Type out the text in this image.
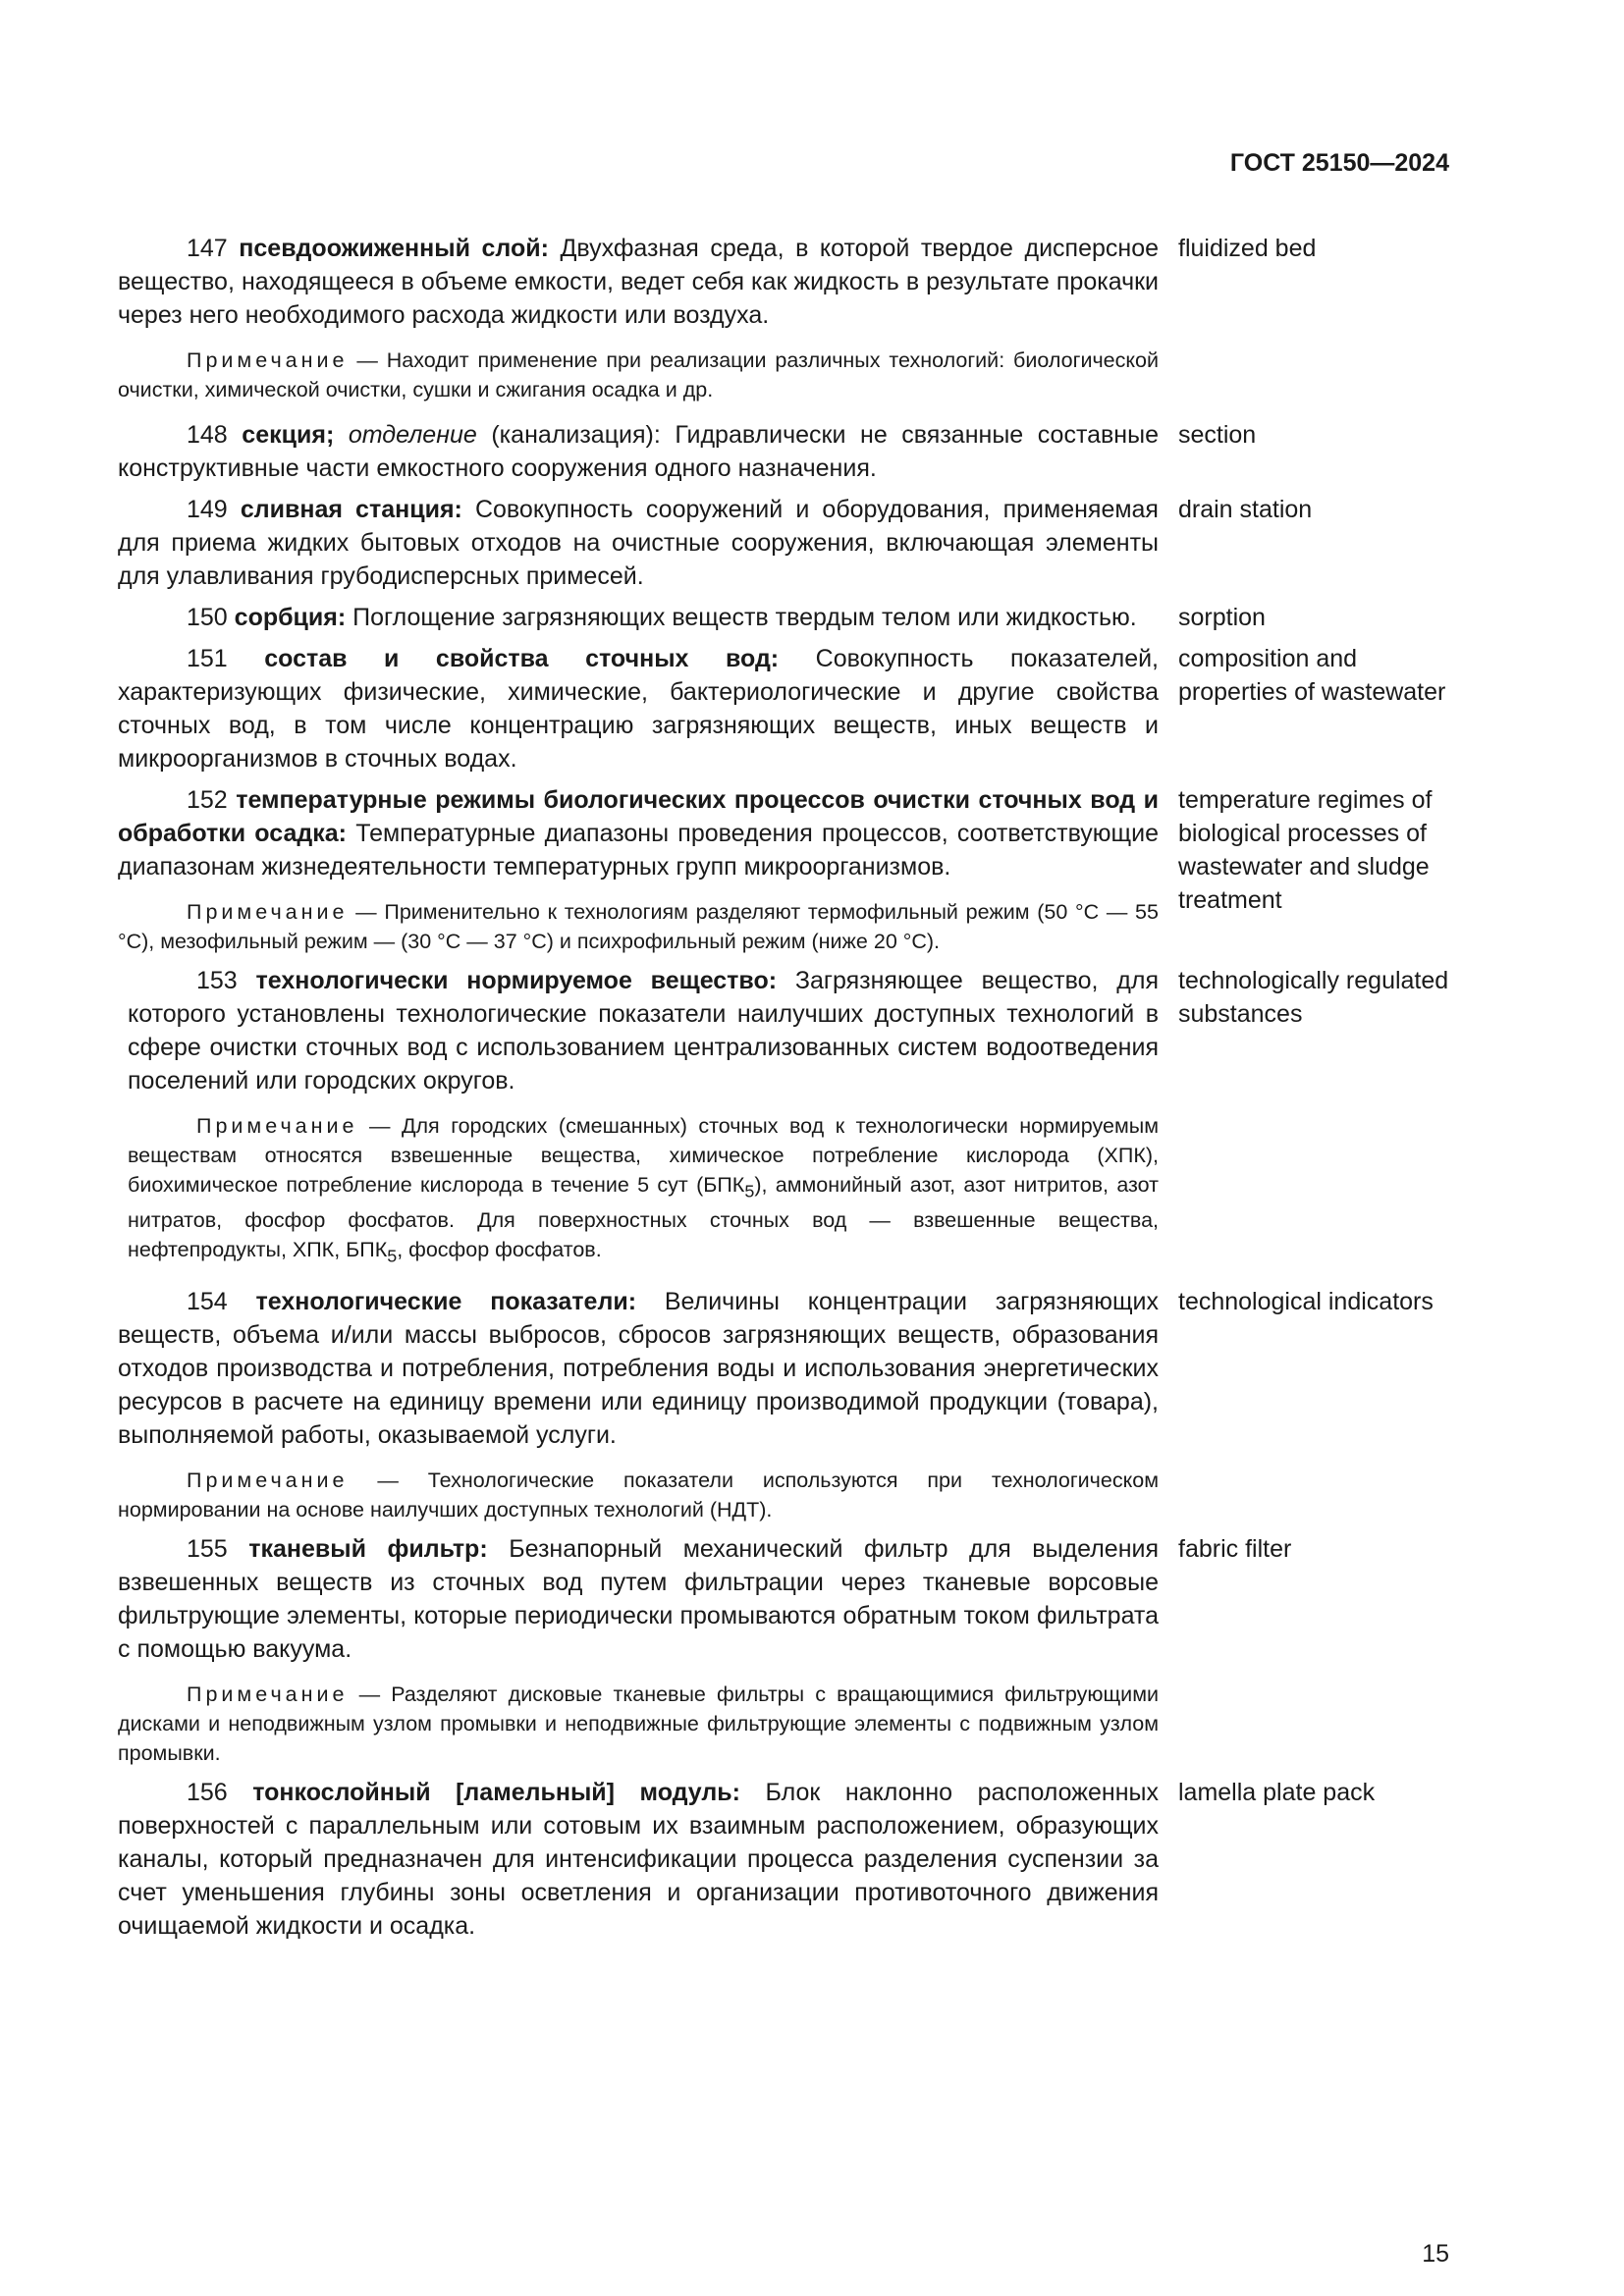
ГОСТ 25150—2024
147 псевдоожиженный слой: Двухфазная среда, в которой твердое дисперсное вещество, находящееся в объеме емкости, ведет себя как жидкость в результате прокачки через него необходимого расхода жидкости или воздуха.
fluidized bed
Примечание — Находит применение при реализации различных технологий: биологической очистки, химической очистки, сушки и сжигания осадка и др.
148 секция; отделение (канализация): Гидравлически не связанные составные конструктивные части емкостного сооружения одного назначения.
section
149 сливная станция: Совокупность сооружений и оборудования, применяемая для приема жидких бытовых отходов на очистные сооружения, включающая элементы для улавливания грубодисперсных примесей.
drain station
150 сорбция: Поглощение загрязняющих веществ твердым телом или жидкостью.	sorption
151 состав и свойства сточных вод: Совокупность показателей, характеризующих физические, химические, бактериологические и другие свойства сточных вод, в том числе концентрацию загрязняющих веществ, иных веществ и микроорганизмов в сточных водах.
composition and properties of wastewater
152 температурные режимы биологических процессов очистки сточных вод и обработки осадка: Температурные диапазоны проведения процессов, соответствующие диапазонам жизнедеятельности температурных групп микроорганизмов.
Примечание — Применительно к технологиям разделяют термофильный режим (50 °С — 55 °С), мезофильный режим — (30 °С — 37 °С) и психрофильный режим (ниже 20 °С).
temperature regimes of biological processes of wastewater and sludge treatment
153 технологически нормируемое вещество: Загрязняющее вещество, для которого установлены технологические показатели наилучших доступных технологий в сфере очистки сточных вод с использованием централизованных систем водоотведения поселений или городских округов.
Примечание — Для городских (смешанных) сточных вод к технологически нормируемым веществам относятся взвешенные вещества, химическое потребление кислорода (ХПК), биохимическое потребление кислорода в течение 5 сут $(БПК_5)$, аммонийный азот, азот нитритов, азот нитратов, фосфор фосфатов. Для поверхностных сточных вод — взвешенные вещества, нефтепродукты, ХПК, $БПК_5$, фосфор фосфатов.
technologically regulated substances
154 технологические показатели: Величины концентрации загрязняющих веществ, объема и/или массы выбросов, сбросов загрязняющих веществ, образования отходов производства и потребления, потребления воды и использования энергетических ресурсов в расчете на единицу времени или единицу производимой продукции (товара), выполняемой работы, оказываемой услуги.
technological indicators
Примечание — Технологические показатели используются при технологическом нормировании на основе наилучших доступных технологий (НДТ).
155 тканевый фильтр: Безнапорный механический фильтр для выделения взвешенных веществ из сточных вод путем фильтрации через тканевые ворсовые фильтрующие элементы, которые периодически промываются обратным током фильтрата с помощью вакуума.
fabric filter
Примечание — Разделяют дисковые тканевые фильтры с вращающимися фильтрующими дисками и неподвижным узлом промывки и неподвижные фильтрующие элементы с подвижным узлом промывки.
156 тонкослойный [ламельный] модуль: Блок наклонно расположенных поверхностей с параллельным или сотовым их взаимным расположением, образующих каналы, который предназначен для интенсификации процесса разделения суспензии за счет уменьшения глубины зоны осветления и организации противоточного движения очищаемой жидкости и осадка.
lamella plate pack
15
